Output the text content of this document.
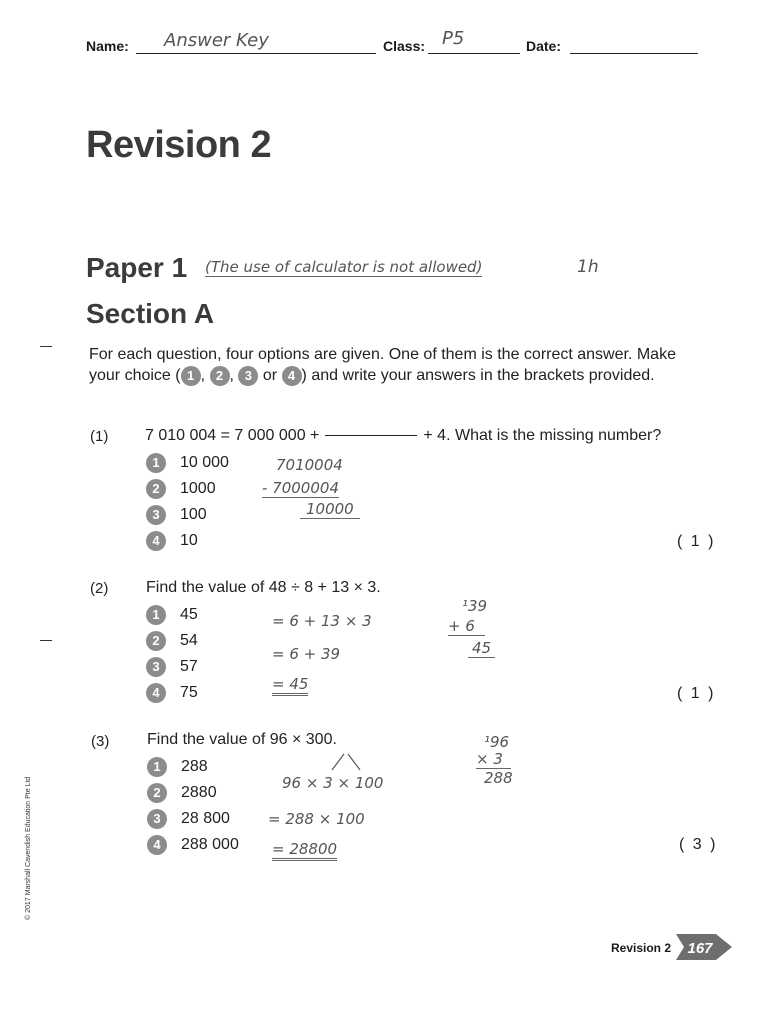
Name: Answer Key	Class: P5	Date:
Revision 2
Paper 1 (The use of calculator is not allowed)	1h
Section A
For each question, four options are given. One of them is the correct answer. Make your choice ( 1 , 2 , 3 or 4 ) and write your answers in the brackets provided.
(1) 7 010 004 = 7 000 000 +	+ 4. What is the missing number?
1	10 000
2	1000
3	100
4	10	( 1 )
7010004
- 7000004
10000
(2) Find the value of 48 ÷ 8 + 13 × 3.
1	45
2	54
3	57
4	75	( 1 )
= 6 + 13 × 3
= 6 + 39
= 45
¹39
+ 6
45
(3) Find the value of 96 × 300.
1	288
2	2880
3	28 800
4	288 000	( 3 )
96 × 3 × 100
= 288 × 100
= 28800
¹96
× 3
288
© 2017 Marshall Cavendish Education Pte Ltd
Revision 2 167
